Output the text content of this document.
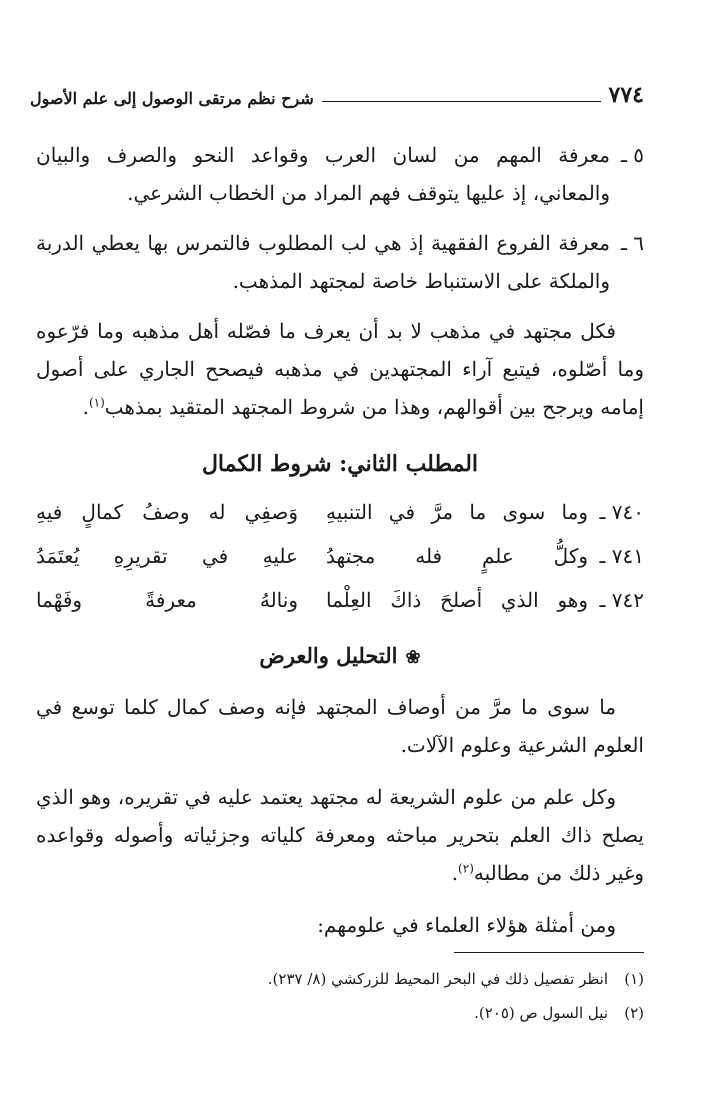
٧٧٤
شرح نظم مرتقى الوصول إلى علم الأصول
٥ ـ
معرفة المهم من لسان العرب وقواعد النحو والصرف والبيان والمعاني، إذ عليها يتوقف فهم المراد من الخطاب الشرعي.
٦ ـ
معرفة الفروع الفقهية إذ هي لب المطلوب فالتمرس بها يعطي الدربة والملكة على الاستنباط خاصة لمجتهد المذهب.

فكل مجتهد في مذهب لا بد أن يعرف ما فصّله أهل مذهبه وما فرّعوه وما أصّلوه، فيتبع آراء المجتهدين في مذهبه فيصحح الجاري على أصول إمامه ويرجح بين أقوالهم، وهذا من شروط المجتهد المتقيد بمذهب$^{(١)}$.

المطلب الثاني: شروط الكمال
٧٤٠ ـ
وما سوى ما مرَّ في التنبيهِ
وَصفِي له وصفُ كمالٍ فيهِ
٧٤١ ـ
وكلُّ علمٍ فله مجتهدُ
عليهِ في تقريرِهِ يُعتَمَدُ
٧٤٢ ـ
وهو الذي أصلحَ ذاكَ العِلْما
ونالهُ معرفةً وفَهْما
❀التحليل والعرض

ما سوى ما مرَّ من أوصاف المجتهد فإنه وصف كمال كلما توسع في العلوم الشرعية وعلوم الآلات.

وكل علم من علوم الشريعة له مجتهد يعتمد عليه في تقريره، وهو الذي يصلح ذاك العلم بتحرير مباحثه ومعرفة كلياته وجزئياته وأصوله وقواعده وغير ذلك من مطالبه$^{(٢)}$.

ومن أمثلة هؤلاء العلماء في علومهم:

(١)
انظر تفصيل ذلك في البحر المحيط للزركشي (٨/ ٢٣٧).
(٢)
نيل السول ص (٢٠٥).
